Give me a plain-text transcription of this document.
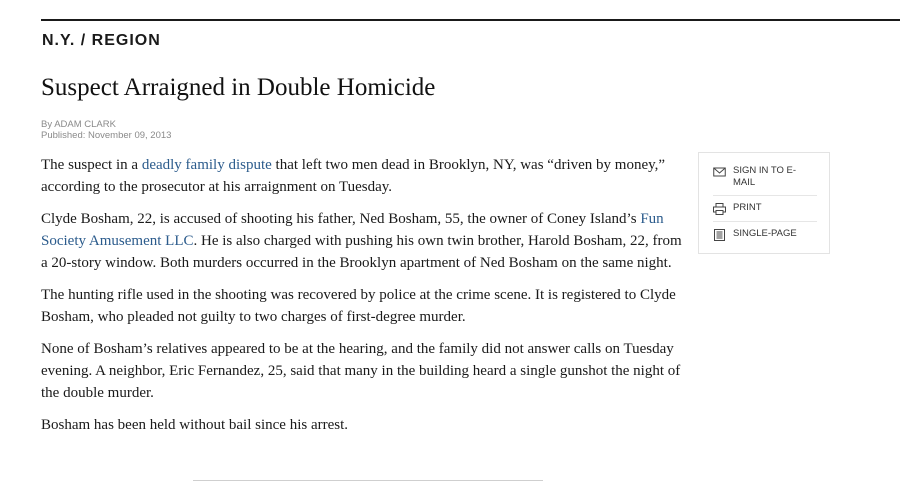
N.Y. / REGION
Suspect Arraigned in Double Homicide
By ADAM CLARK
Published: November 09, 2013

The suspect in a deadly family dispute that left two men dead in Brooklyn, NY, was “driven by money,” according to the prosecutor at his arraignment on Tuesday.

Clyde Bosham, 22, is accused of shooting his father, Ned Bosham, 55, the owner of Coney Island’s Fun Society Amusement LLC. He is also charged with pushing his own twin brother, Harold Bosham, 22, from a 20-story window. Both murders occurred in the Brooklyn apartment of Ned Bosham on the same night.

The hunting rifle used in the shooting was recovered by police at the crime scene. It is registered to Clyde Bosham, who pleaded not guilty to two charges of first-degree murder.

None of Bosham’s relatives appeared to be at the hearing, and the family did not answer calls on Tuesday evening. A neighbor, Eric Fernandez, 25, said that many in the building heard a single gunshot the night of the double murder.

Bosham has been held without bail since his arrest.

SIGN IN TO E-MAIL
PRINT
SINGLE-PAGE
